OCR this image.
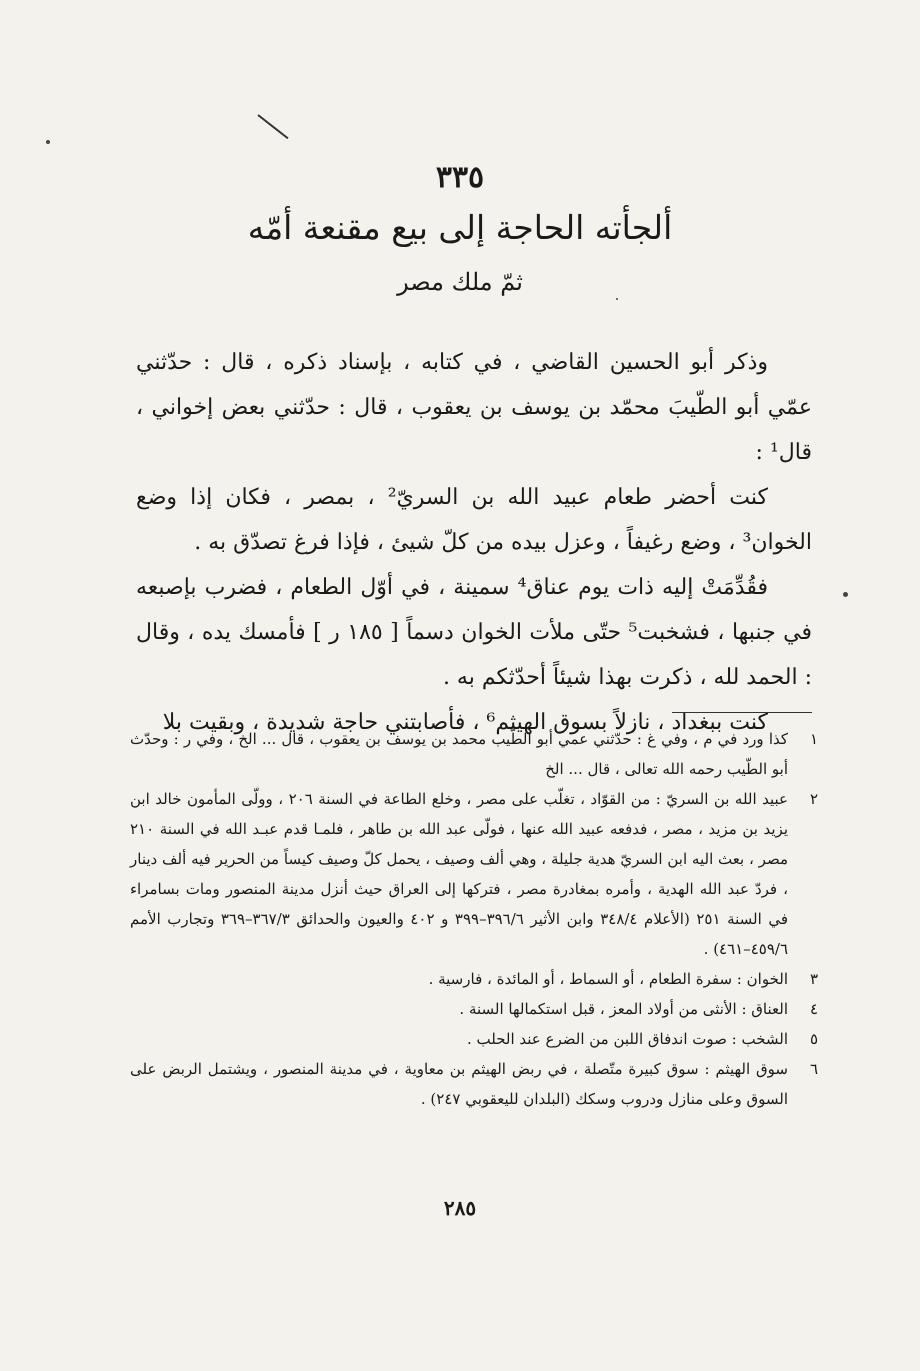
٣٣٥
ألجأته الحاجة إلى بيع مقنعة أمّه
ثمّ ملك مصر

وذكر أبو الحسين القاضي ، في كتابه ، بإسناد ذكره ، قال : حدّثني عمّي أبو الطّيبَ محمّد بن يوسف بن يعقوب ، قال : حدّثني بعض إخواني ، قال¹ :

كنت أحضر طعام عبيد الله بن السريّ² ، بمصر ، فكان إذا وضع الخوان³ ، وضع رغيفاً ، وعزل بيده من كلّ شيئ ، فإذا فرغ تصدّق به .

فقُدِّمَتْ إليه ذات يوم عناق⁴ سمينة ، في أوّل الطعام ، فضرب بإصبعه في جنبها ، فشخبت⁵ حتّى ملأت الخوان دسماً [ ١٨٥ ر ] فأمسك يده ، وقال : الحمد لله ، ذكرت بهذا شيئاً أحدّثكم به .

كنت ببغداد ، نازلاً بسوق الهيثم⁶ ، فأصابتني حاجة شديدة ، وبقيت بلا

١
كذا ورد في م ، وفي غ : حدّثني عمي أبو الطّيب محمد بن يوسف بن يعقوب ، قال ... الخ ، وفي ر : وحدّث أبو الطّيب رحمه الله تعالى ، قال ... الخ
٢
عبيد الله بن السريّ : من القوّاد ، تغلّب على مصر ، وخلع الطاعة في السنة ٢٠٦ ، وولّى المأمون خالد ابن يزيد بن مزيد ، مصر ، فدفعه عبيد الله عنها ، فولّى عبد الله بن طاهر ، فلمـا قدم عبـد الله في السنة ٢١٠ مصر ، بعث اليه ابن السريّ هدية جليلة ، وهي ألف وصيف ، يحمل كلّ وصيف كيساً من الحرير فيه ألف دينار ، فردّ عبد الله الهدية ، وأمره بمغادرة مصر ، فتركها إلى العراق حيث أنزل مدينة المنصور ومات بسامراء في السنة ٢٥١ (الأعلام ٣٤٨/٤ وابن الأثير ٣٩٦/٦–٣٩٩ و ٤٠٢ والعيون والحدائق ٣٦٧/٣–٣٦٩ وتجارب الأمم ٤٥٩/٦–٤٦١) .
٣
الخوان : سفرة الطعام ، أو السماط ، أو المائدة ، فارسية .
٤
العناق : الأنثى من أولاد المعز ، قبل استكمالها السنة .
٥
الشخب : صوت اندفاق اللبن من الضرع عند الحلب .
٦
سوق الهيثم : سوق كبيرة متّصلة ، في ربض الهيثم بن معاوية ، في مدينة المنصور ، ويشتمل الربض على السوق وعلى منازل ودروب وسكك (البلدان لليعقوبي ٢٤٧) .
٢٨٥
